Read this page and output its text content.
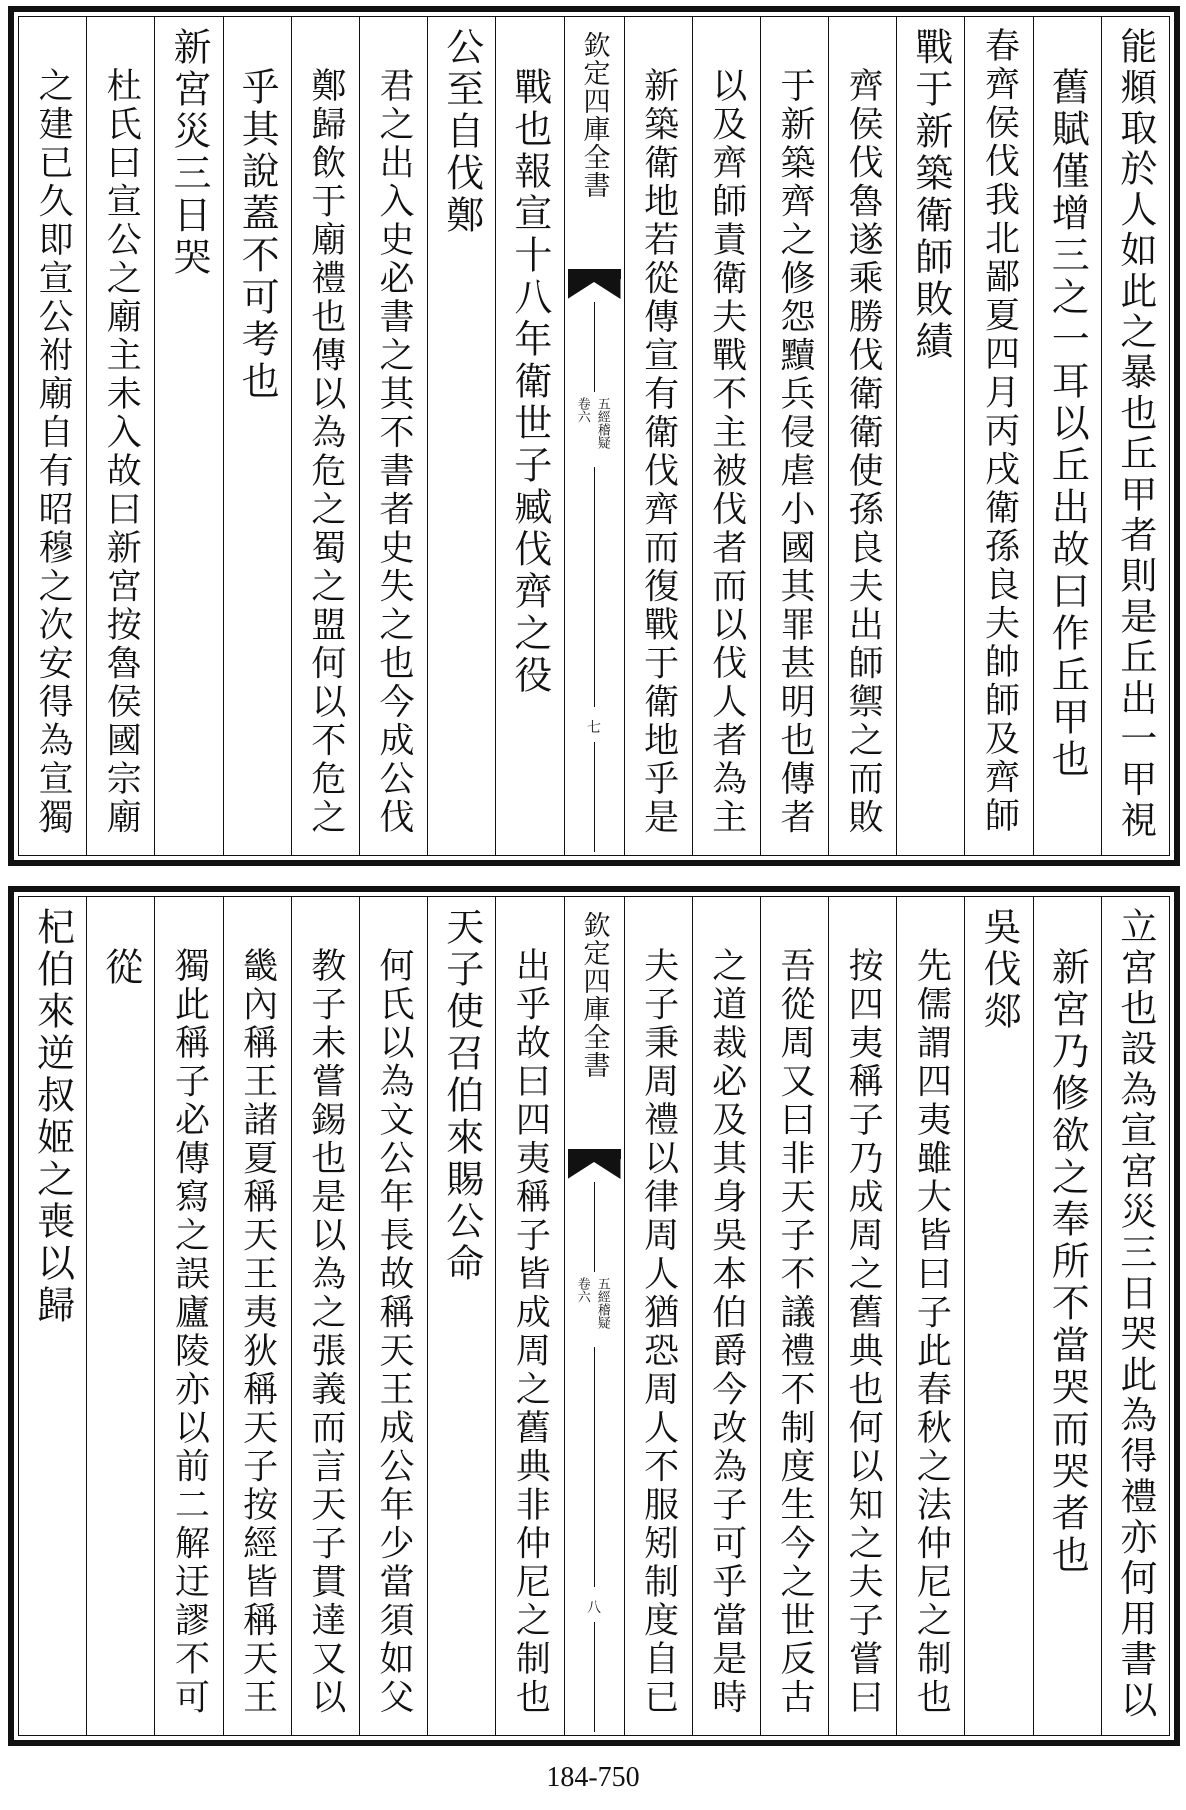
能頫取於人如此之暴也丘甲者則是丘出一甲視
舊賦僅增三之一耳以丘出故曰作丘甲也
春齊侯伐我北鄙夏四月丙戌衛孫良夫帥師及齊師
戰于新築衛師敗績
齊侯伐魯遂乘勝伐衛衛使孫良夫出師禦之而敗
于新築齊之修怨黷兵侵虐小國其罪甚明也傳者
以及齊師責衛夫戰不主被伐者而以伐人者為主
新築衛地若從傳宣有衛伐齊而復戰于衛地乎是
欽定四庫全書
五經稽疑
卷六
七
戰也報宣十八年衛世子臧伐齊之役
公至自伐鄭
君之出入史必書之其不書者史失之也今成公伐
鄭歸飲于廟禮也傳以為危之蜀之盟何以不危之
乎其說蓋不可考也
新宮災三日哭
杜氏曰宣公之廟主未入故曰新宮按魯侯國宗廟
之建已久即宣公祔廟自有昭穆之次安得為宣獨
立宮也設為宣宮災三日哭此為得禮亦何用書以
新宮乃修欲之奉所不當哭而哭者也
吳伐郯
先儒謂四夷雖大皆曰子此春秋之法仲尼之制也
按四夷稱子乃成周之舊典也何以知之夫子嘗曰
吾從周又曰非天子不議禮不制度生今之世反古
之道裁必及其身吳本伯爵今改為子可乎當是時
夫子秉周禮以律周人猶恐周人不服矧制度自已
欽定四庫全書
五經稽疑
卷六
八
出乎故曰四夷稱子皆成周之舊典非仲尼之制也
天子使召伯來賜公命
何氏以為文公年長故稱天王成公年少當須如父
教子未嘗錫也是以為之張義而言天子貫達又以
畿內稱王諸夏稱天王夷狄稱天子按經皆稱天王
獨此稱子必傳寫之誤廬陵亦以前二解迂謬不可
從
杞伯來逆叔姬之喪以歸
184-750
